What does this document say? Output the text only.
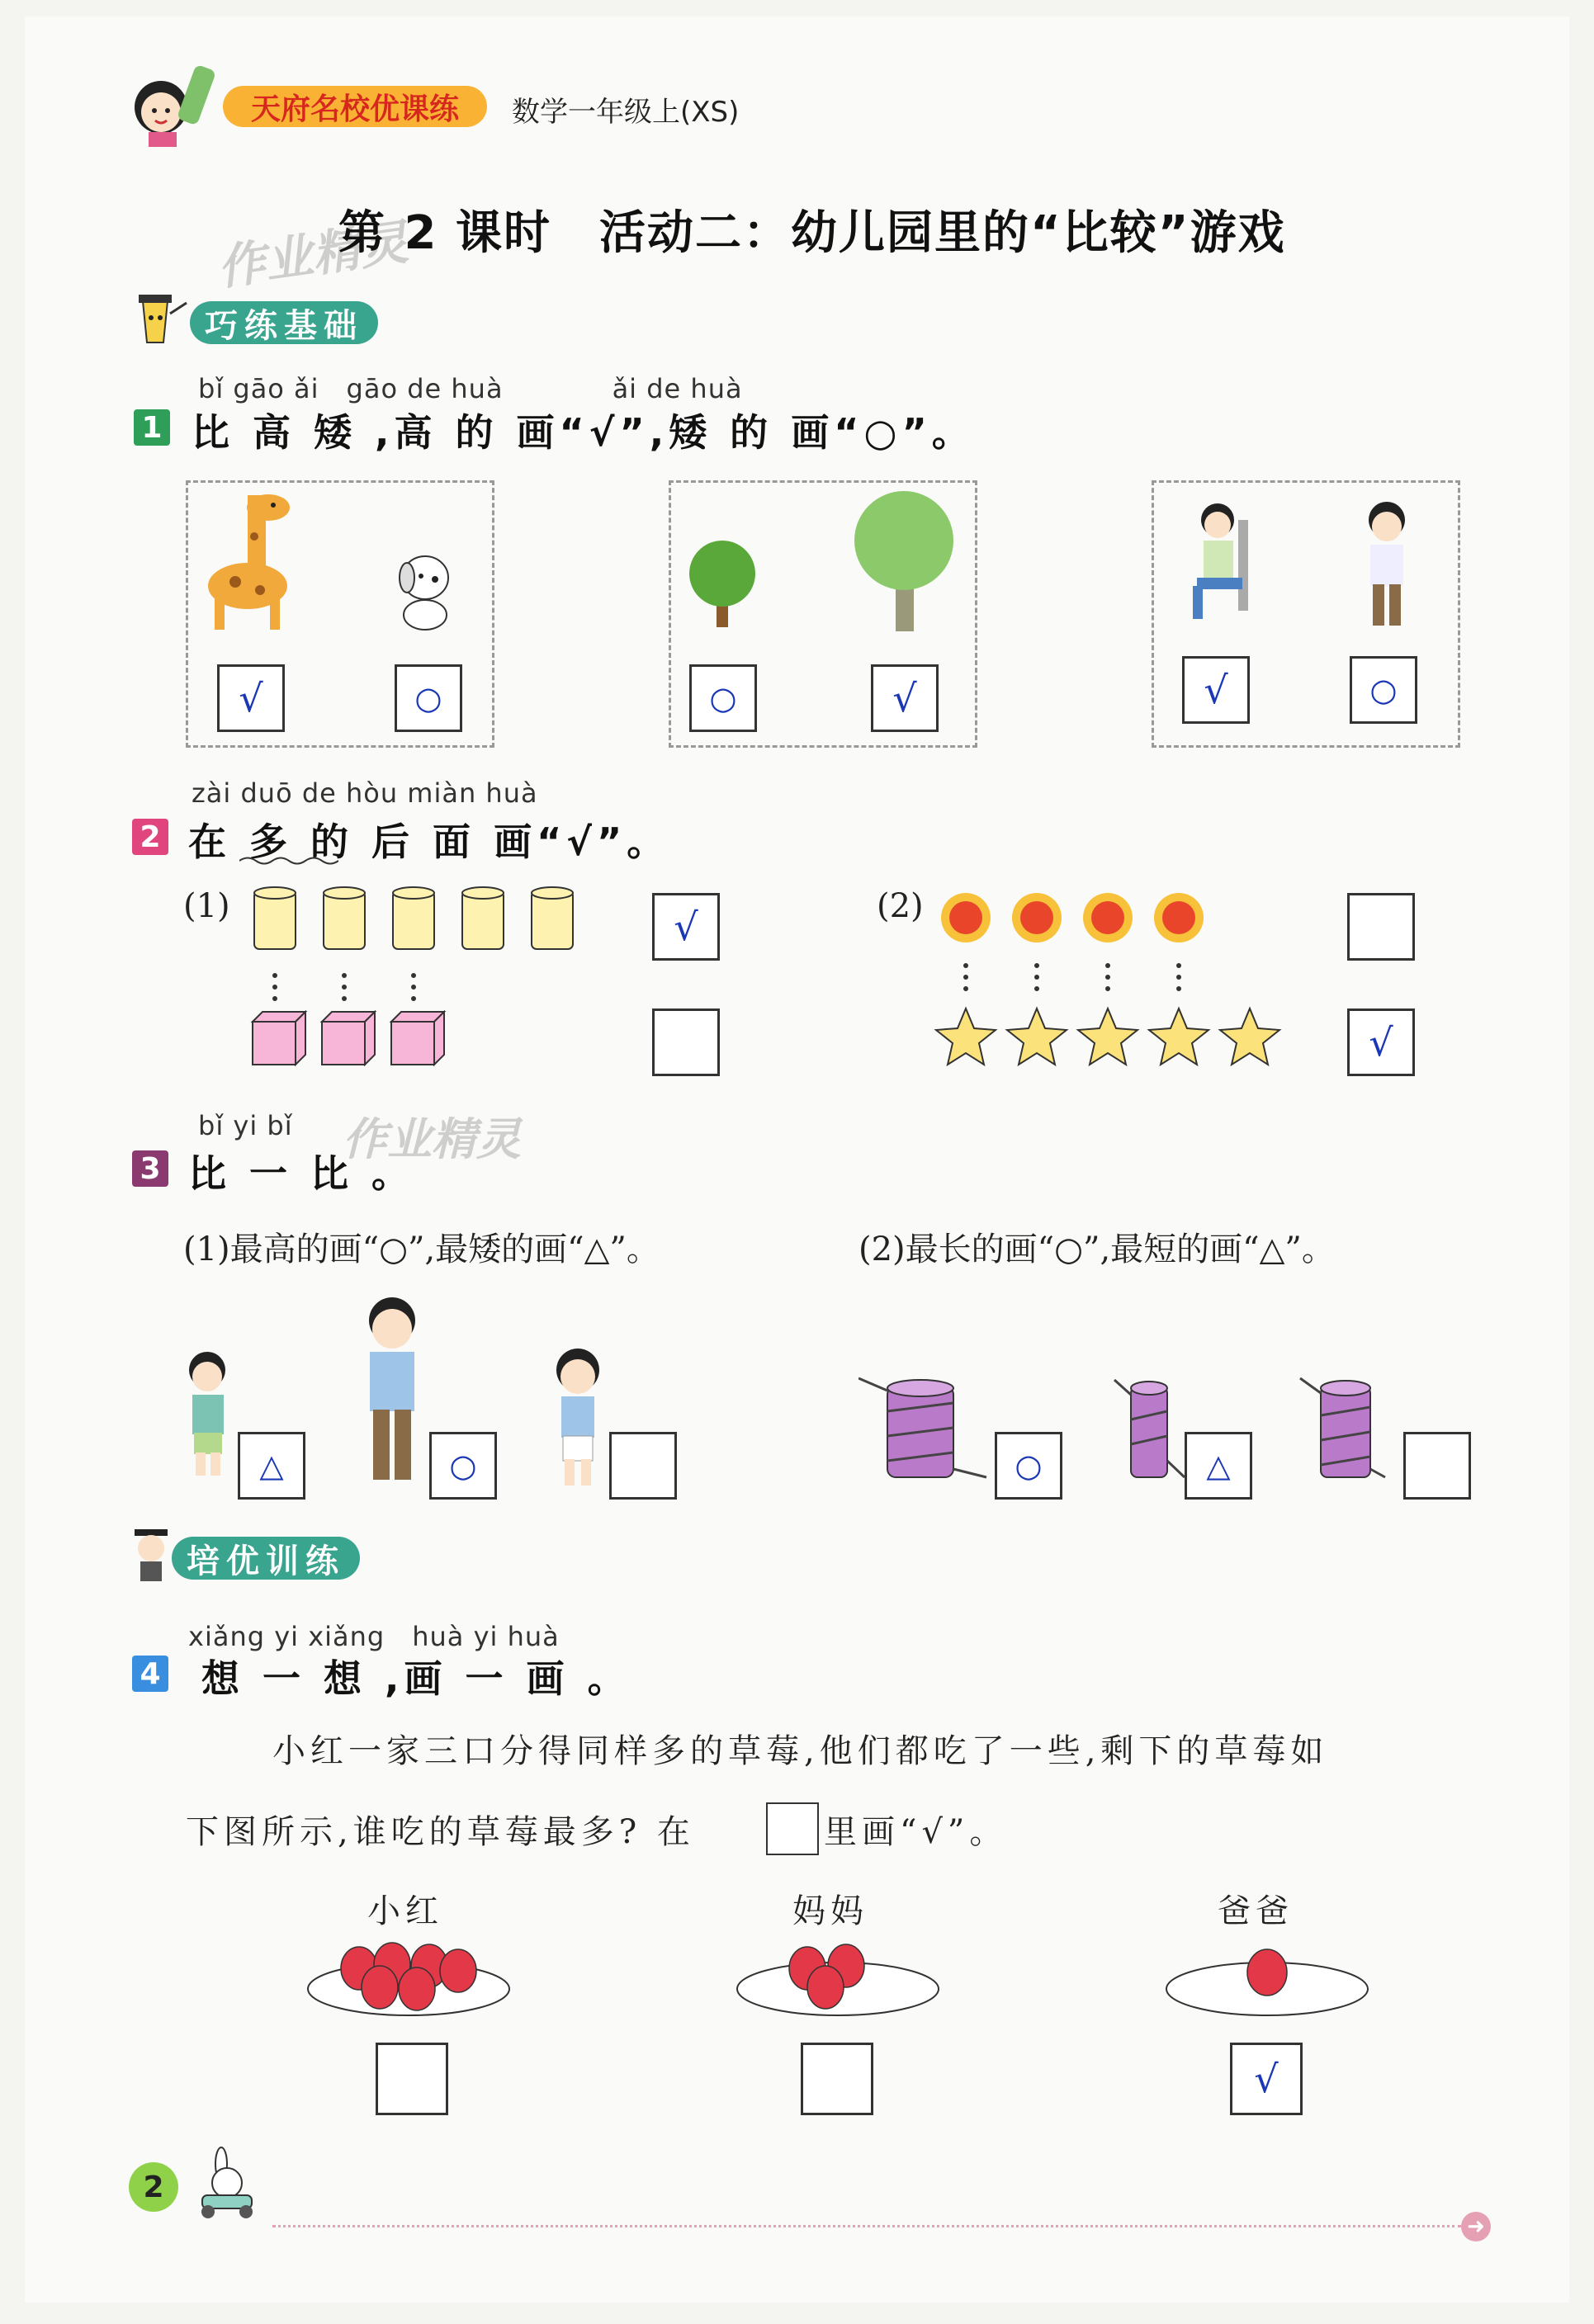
天府名校优课练	数学一年级上(XS)
作业精灵
第 2 课时　活动二：幼儿园里的“比较”游戏
巧练基础
bǐ gāo ǎi　gāo de huà　　　　ǎi de huà
1 比 高 矮 ,高 的 画“√”,矮 的 画“○”。
√	○	○	√	√	○
zài duō de hòu miàn huà
2 在 多 的 后 面 画“√”。
(1)	√	(2)
√
bǐ yi bǐ 作业精灵
3 比 一 比 。
(1)最高的画“○”,最矮的画“△”。	(2)最长的画“○”,最短的画“△”。
△	○	○	△
培优训练
xiǎng yi xiǎng　huà yi huà
4 想 一 想 ,画 一 画 。
小红一家三口分得同样多的草莓,他们都吃了一些,剩下的草莓如
下图所示,谁吃的草莓最多? 在	里画“√”。
小红	妈妈	爸爸
√
2
➜
